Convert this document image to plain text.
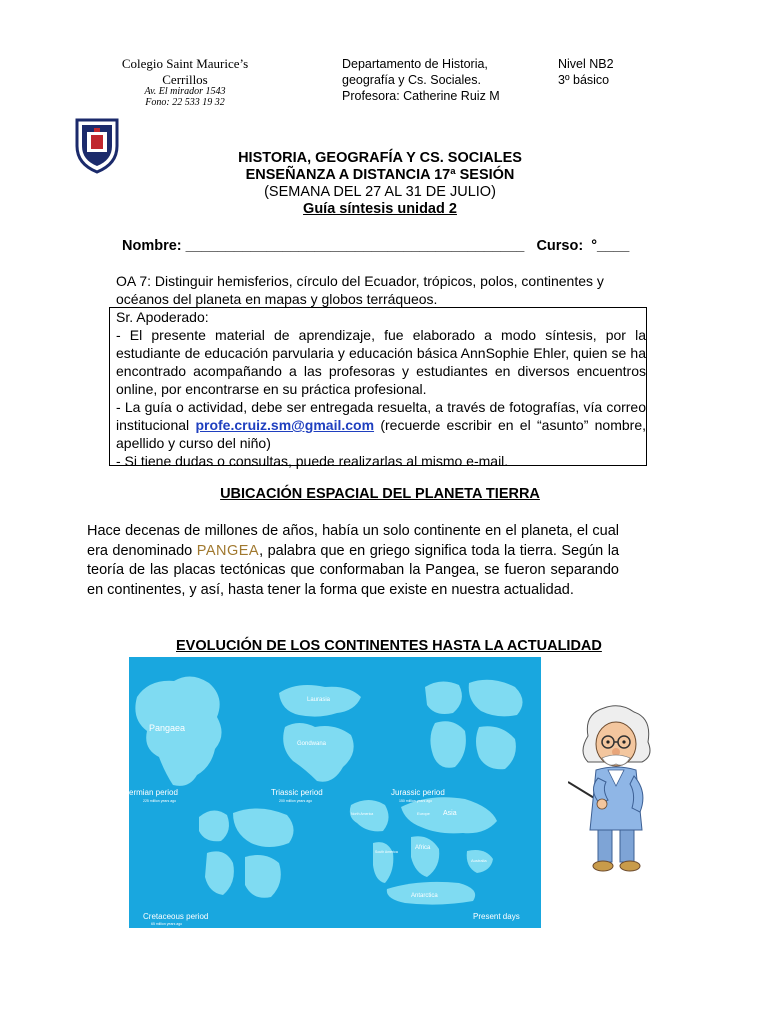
Colegio Saint Maurice’s
Cerrillos
Av. El mirador 1543
Fono: 22 533 19 32
Departamento de Historia,
geografía y Cs. Sociales.
Profesora: Catherine Ruiz M
Nivel NB2
3º básico
HISTORIA, GEOGRAFÍA Y CS. SOCIALES
ENSEÑANZA A DISTANCIA 17ª SESIÓN
(SEMANA DEL 27 AL 31 DE JULIO)
Guía síntesis unidad 2
Nombre: __________________________________________ Curso: °____
OA 7: Distinguir hemisferios, círculo del Ecuador, trópicos, polos, continentes y océanos del planeta en mapas y globos terráqueos.

Sr. Apoderado:

- El presente material de aprendizaje, fue elaborado a modo síntesis, por la estudiante de educación parvularia y educación básica AnnSophie Ehler, quien se ha encontrado acompañando a las profesoras y estudiantes en diversos encuentros online, por encontrarse en su práctica profesional.

- La guía o actividad, debe ser entregada resuelta, a través de fotografías, vía correo institucional profe.cruiz.sm@gmail.com (recuerde escribir en el “asunto” nombre, apellido y curso del niño)

- Si tiene dudas o consultas, puede realizarlas al mismo e-mail.

UBICACIÓN ESPACIAL DEL PLANETA TIERRA
Hace decenas de millones de años, había un solo continente en el planeta, el cual era denominado PANGEA, palabra que en griego significa toda la tierra. Según la teoría de las placas tectónicas que conformaban la Pangea, se fueron separando en continentes, y así, hasta tener la forma que existe en nuestra actualidad.
EVOLUCIÓN DE LOS CONTINENTES HASTA LA ACTUALIDAD
Pangaea
Laurasia
Gondwana
ermian period
225 million years ago
Triassic period
200 million years ago
Jurassic period
150 million years ago
Cretaceous period
65 million years ago
Present days
North America
South America
Europe Asia
Africa
Australia
Antarctica
